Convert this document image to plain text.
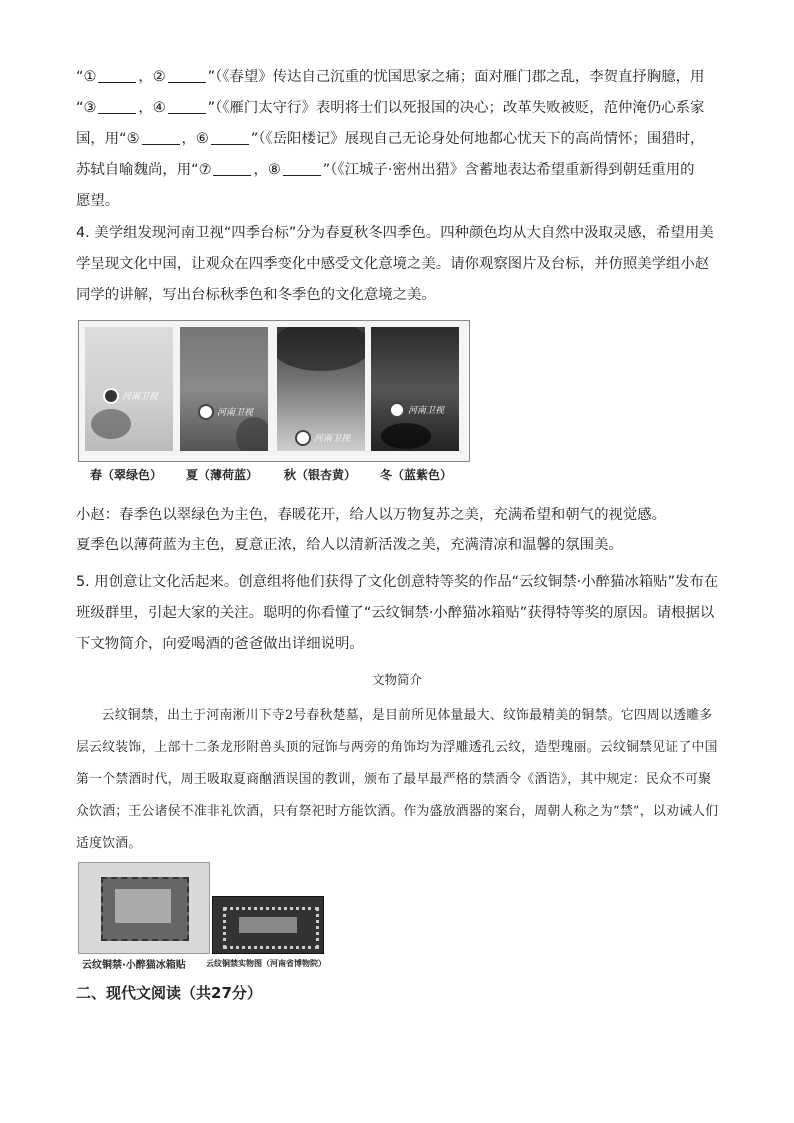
“①	，②	”（《春望》传达自己沉重的忧国思家之痛；面对雁门郡之乱，李贺直抒胸臆，用
“③	，④	”（《雁门太守行》表明将士们以死报国的决心；改革失败被贬，范仲淹仍心系家
国，用“⑤	，⑥	”（《岳阳楼记》展现自己无论身处何地都心忧天下的高尚情怀；围猎时，
苏轼自喻魏尚，用“⑦	，⑧	”（《江城子·密州出猎》含蓄地表达希望重新得到朝廷重用的
愿望。

4. 美学组发现河南卫视“四季台标”分为春夏秋冬四季色。四种颜色均从大自然中汲取灵感，希望用美学呈现文化中国，让观众在四季变化中感受文化意境之美。请你观察图片及台标，并仿照美学组小赵同学的讲解，写出台标秋季色和冬季色的文化意境之美。

河南卫视
河南卫视
河南卫视
河南卫视
春（翠绿色）	夏（薄荷蓝）	秋（银杏黄）	冬（蓝紫色）

小赵：春季色以翠绿色为主色，春暖花开，给人以万物复苏之美，充满希望和朝气的视觉感。

夏季色以薄荷蓝为主色，夏意正浓，给人以清新活泼之美，充满清凉和温馨的氛围美。

5. 用创意让文化活起来。创意组将他们获得了文化创意特等奖的作品“云纹铜禁·小醉猫冰箱贴”发布在班级群里，引起大家的关注。聪明的你看懂了“云纹铜禁·小醉猫冰箱贴”获得特等奖的原因。请根据以下文物简介，向爱喝酒的爸爸做出详细说明。

文物简介

云纹铜禁，出土于河南淅川下寺2号春秋楚墓，是目前所见体量最大、纹饰最精美的铜禁。它四周以透雕多层云纹装饰，上部十二条龙形附兽头顶的冠饰与两旁的角饰均为浮雕透孔云纹，造型瑰丽。云纹铜禁见证了中国第一个禁酒时代，周王吸取夏商酗酒误国的教训，颁布了最早最严格的禁酒令《酒诰》，其中规定：民众不可聚众饮酒；王公诸侯不准非礼饮酒，只有祭祀时方能饮酒。作为盛放酒器的案台，周朝人称之为“禁”，以劝诫人们适度饮酒。

云纹铜禁·小醉猫冰箱贴	云纹铜禁实物图（河南省博物院）

二、现代文阅读（共27分）
